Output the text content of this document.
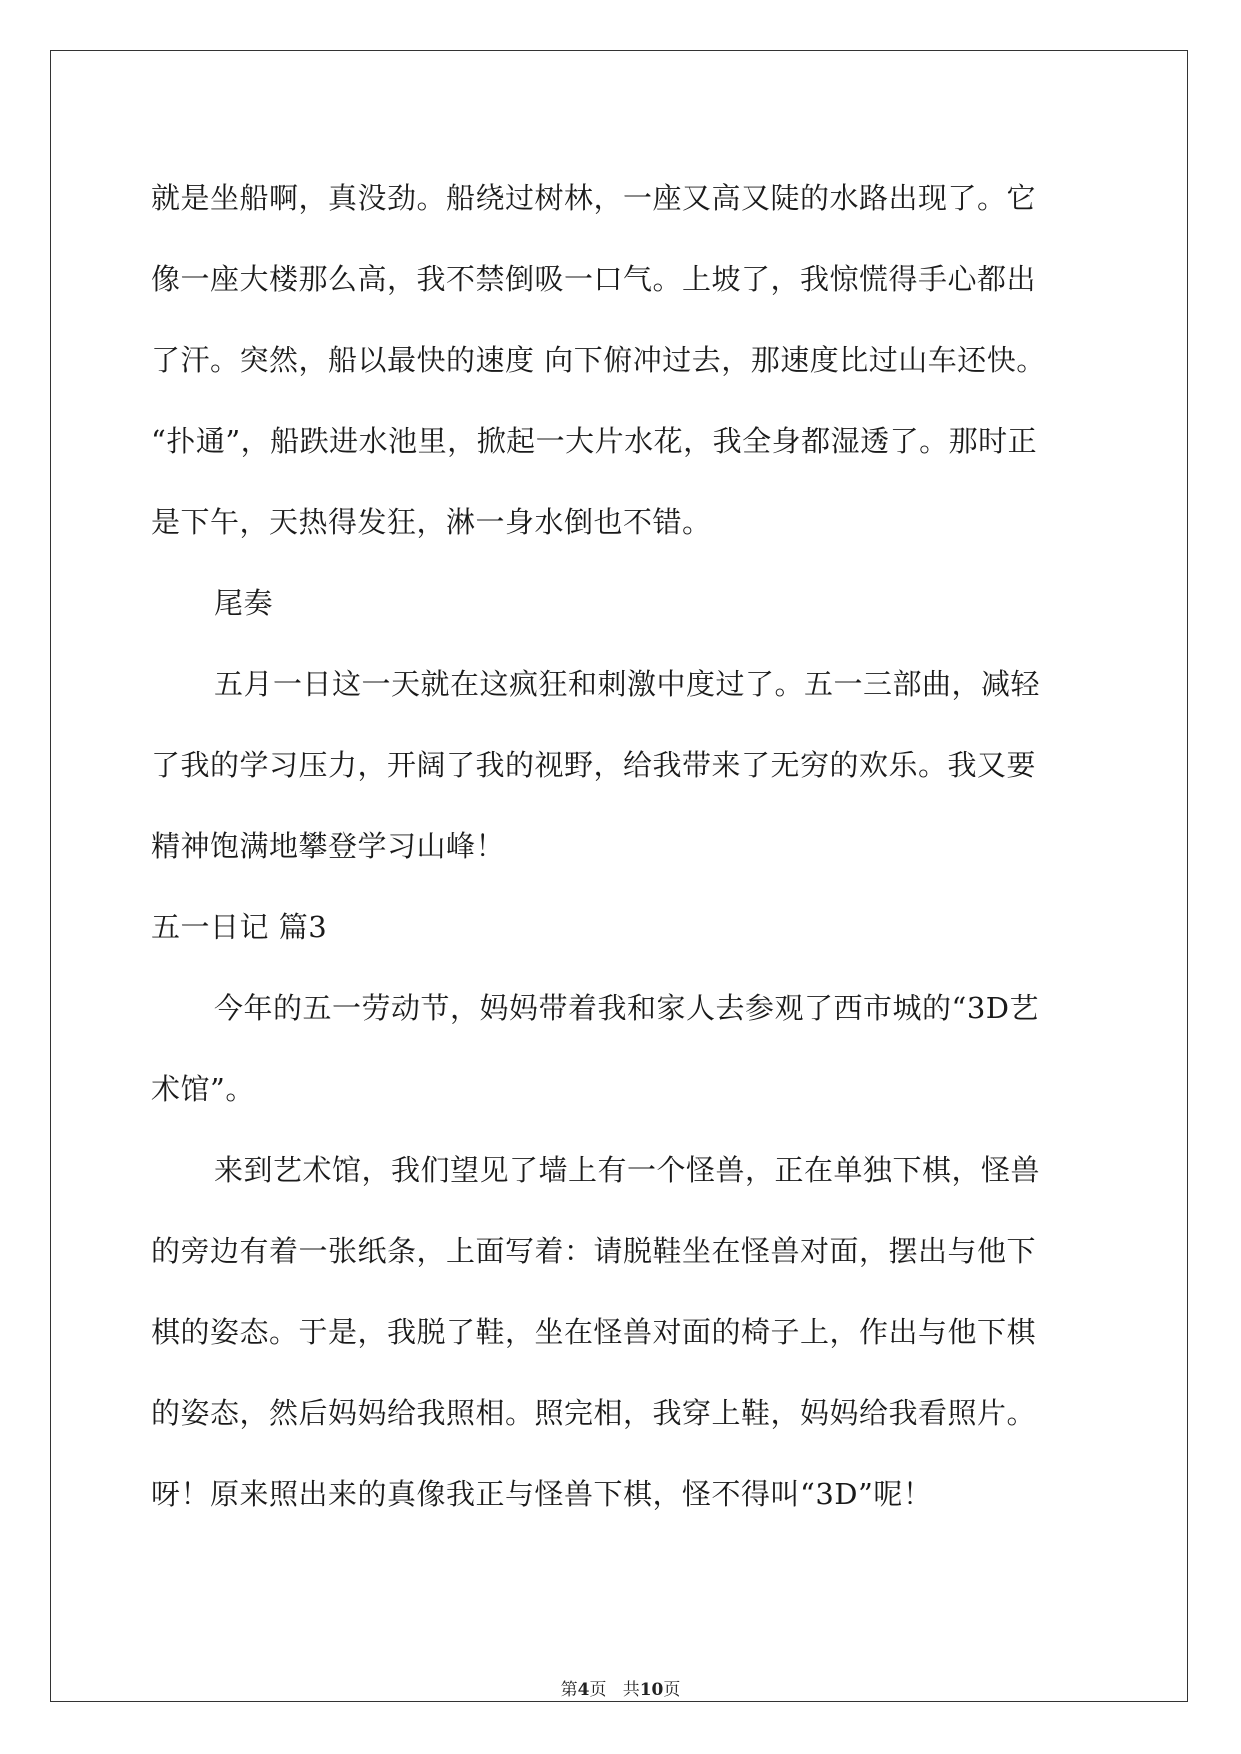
就是坐船啊，真没劲。船绕过树林，一座又高又陡的水路出现了。它
像一座大楼那么高，我不禁倒吸一口气。上坡了，我惊慌得手心都出
了汗。突然，船以最快的速度 向下俯冲过去，那速度比过山车还快。
“扑通”，船跌进水池里，掀起一大片水花，我全身都湿透了。那时正
是下午，天热得发狂，淋一身水倒也不错。
尾奏
五月一日这一天就在这疯狂和刺激中度过了。五一三部曲，减轻
了我的学习压力，开阔了我的视野，给我带来了无穷的欢乐。我又要
精神饱满地攀登学习山峰！
五一日记 篇3
今年的五一劳动节，妈妈带着我和家人去参观了西市城的“3D艺
术馆”。
来到艺术馆，我们望见了墙上有一个怪兽，正在单独下棋，怪兽
的旁边有着一张纸条，上面写着：请脱鞋坐在怪兽对面，摆出与他下
棋的姿态。于是，我脱了鞋，坐在怪兽对面的椅子上，作出与他下棋
的姿态，然后妈妈给我照相。照完相，我穿上鞋，妈妈给我看照片。
呀！原来照出来的真像我正与怪兽下棋，怪不得叫“3D”呢！
第4页 共10页
